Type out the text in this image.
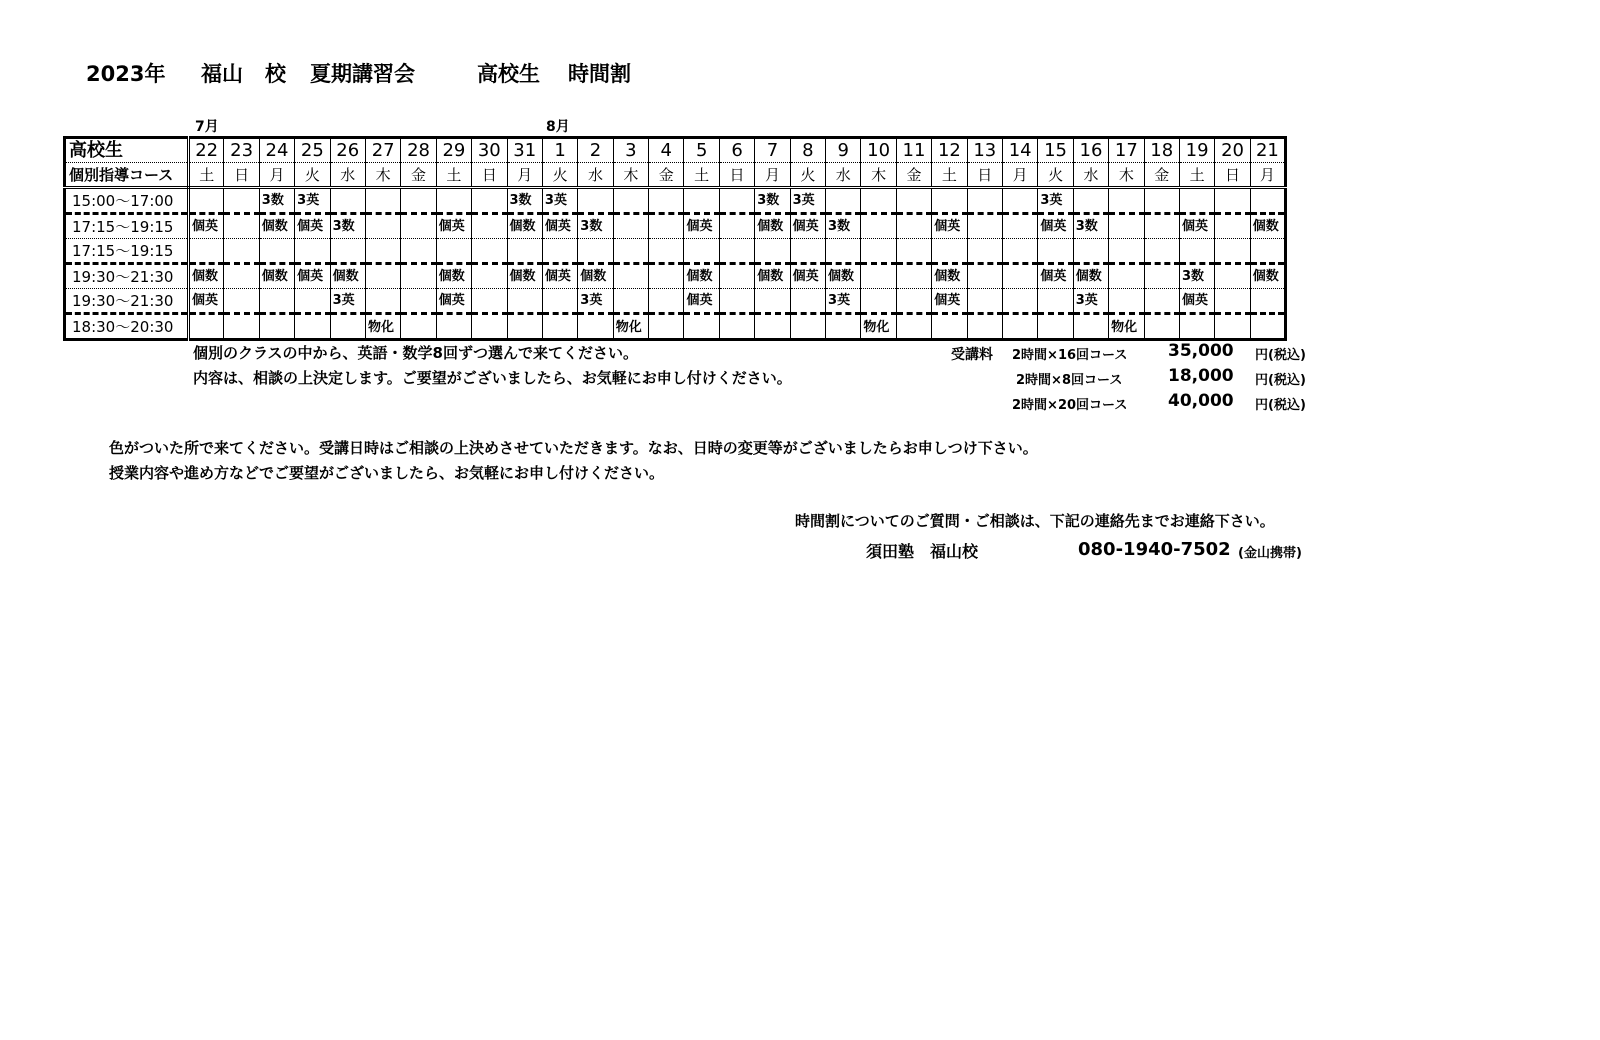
2023年 福山 校 夏期講習会	高校生 時間割
7月	8月
高校生	22	23	24	25	26	27	28	29	30	31	1	2	3	4	5	6	7	8	9	10	11	12	13	14	15	16	17	18	19	20	21
個別指導コース	土	日	月	火	水	木	金	土	日	月	火	水	木	金	土	日	月	火	水	木	金	土	日	月	火	水	木	金	土	日	月
15:00～17:00			3数	3英						3数	3英						3数	3英							3英						
17:15～19:15	個英		個数	個英	3数			個英		個数	個英	3数			個英		個数	個英	3数			個英			個英	3数			個英		個数
17:15～19:15																															
19:30～21:30	個数		個数	個英	個数			個数		個数	個英	個数			個数		個数	個英	個数			個数			個英	個数			3数		個数
19:30～21:30	個英				3英			個英				3英			個英				3英			個英				3英			個英		
18:30～20:30						物化							物化							物化							物化				
個別のクラスの中から、英語・数学8回ずつ選んで来てください。
内容は、相談の上決定します。ご要望がございましたら、お気軽にお申し付けください。
受講料 2時間×16回コース 35,000 円(税込)
2時間×8回コース	18,000 円(税込)
2時間×20回コース 40,000 円(税込)
色がついた所で来てください。受講日時はご相談の上決めさせていただきます。なお、日時の変更等がございましたらお申しつけ下さい。
授業内容や進め方などでご要望がございましたら、お気軽にお申し付けください。
時間割についてのご質問・ご相談は、下記の連絡先までお連絡下さい。
須田塾　福山校	080-1940-7502 (金山携帯)
